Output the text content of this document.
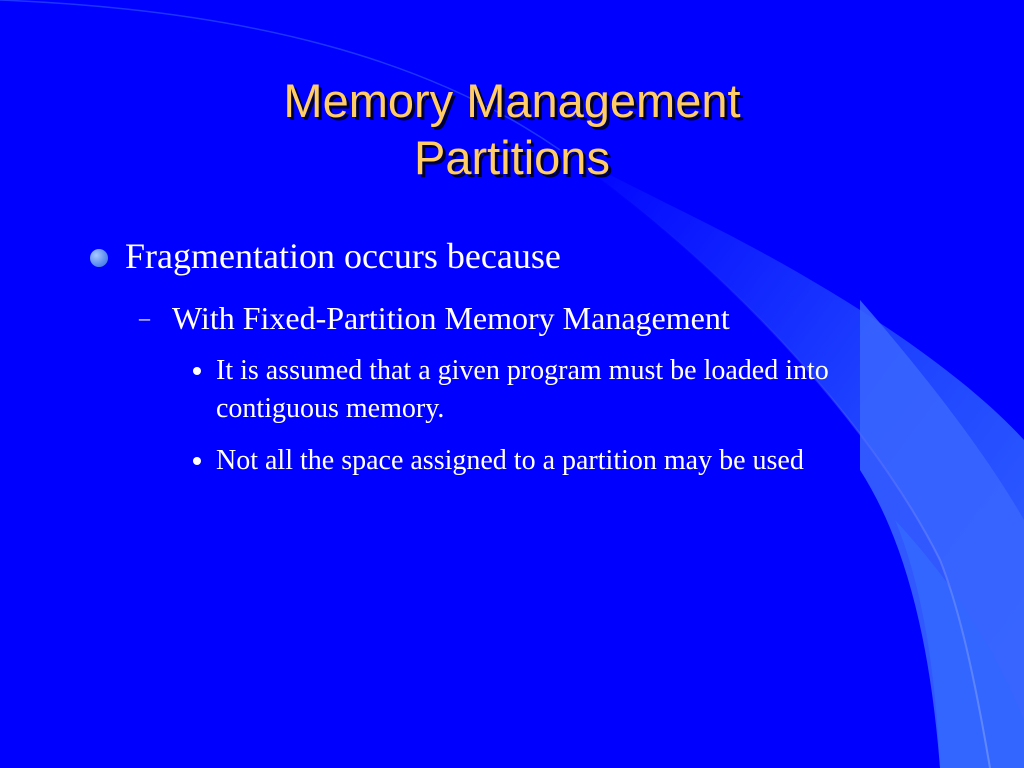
Memory Management
Partitions
Fragmentation occurs because
– With Fixed-Partition Memory Management
It is assumed that a given program must be loaded into contiguous memory.
Not all the space assigned to a partition may be used
